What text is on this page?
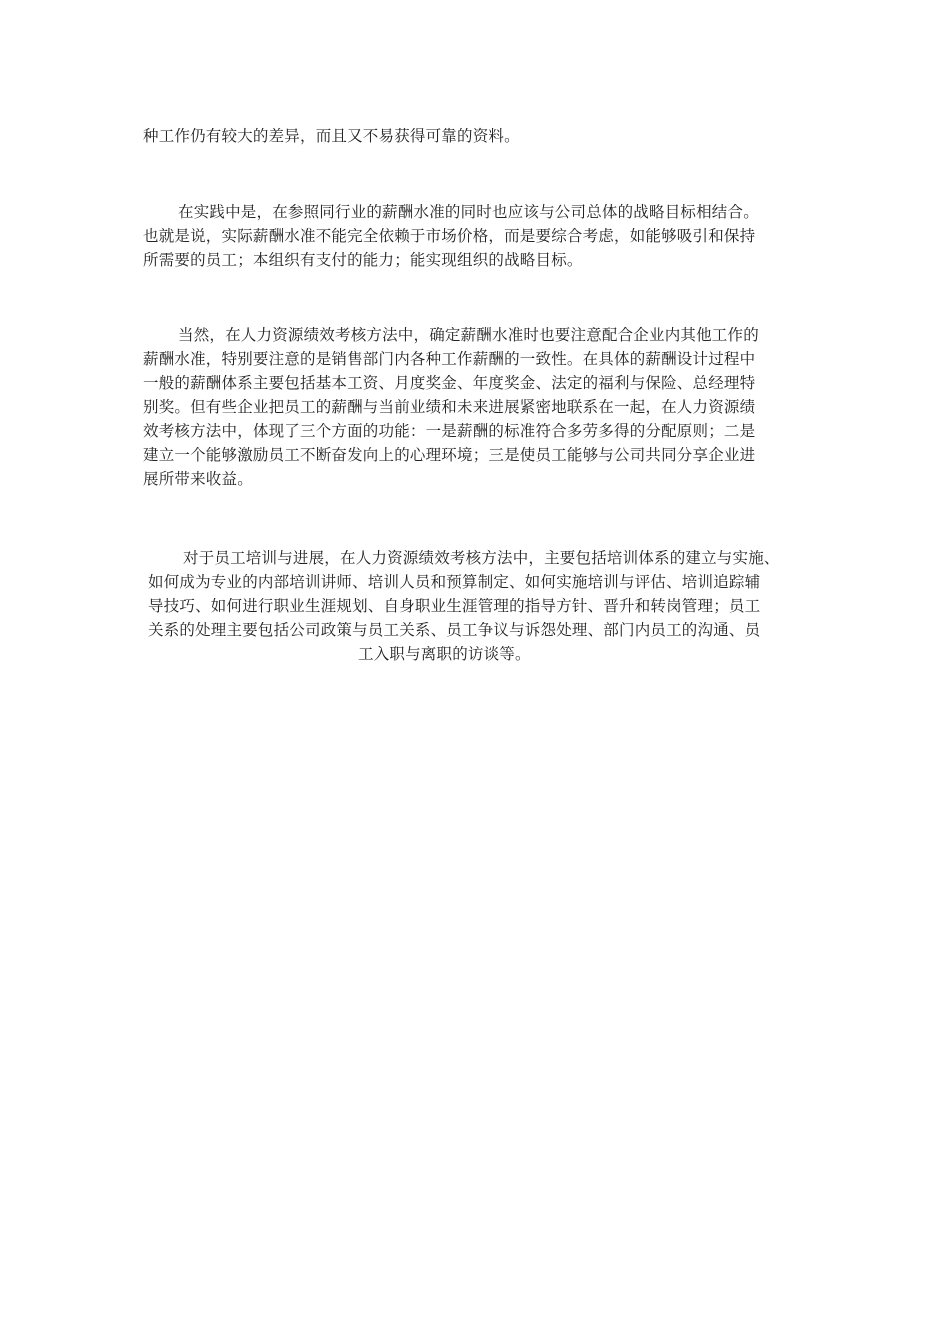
种工作仍有较大的差异，而且又不易获得可靠的资料。
在实践中是，在参照同行业的薪酬水准的同时也应该与公司总体的战略目标相结合。
也就是说，实际薪酬水准不能完全依赖于市场价格，而是要综合考虑，如能够吸引和保持
所需要的员工；本组织有支付的能力；能实现组织的战略目标。
当然，在人力资源绩效考核方法中，确定薪酬水准时也要注意配合企业内其他工作的
薪酬水准，特别要注意的是销售部门内各种工作薪酬的一致性。在具体的薪酬设计过程中
一般的薪酬体系主要包括基本工资、月度奖金、年度奖金、法定的福利与保险、总经理特
别奖。但有些企业把员工的薪酬与当前业绩和未来进展紧密地联系在一起，在人力资源绩
效考核方法中，体现了三个方面的功能：一是薪酬的标准符合多劳多得的分配原则；二是
建立一个能够激励员工不断奋发向上的心理环境；三是使员工能够与公司共同分享企业进
展所带来收益。
对于员工培训与进展，在人力资源绩效考核方法中，主要包括培训体系的建立与实施、
如何成为专业的内部培训讲师、培训人员和预算制定、如何实施培训与评估、培训追踪辅
导技巧、如何进行职业生涯规划、自身职业生涯管理的指导方针、晋升和转岗管理；员工
关系的处理主要包括公司政策与员工关系、员工争议与诉怨处理、部门内员工的沟通、员
工入职与离职的访谈等。
